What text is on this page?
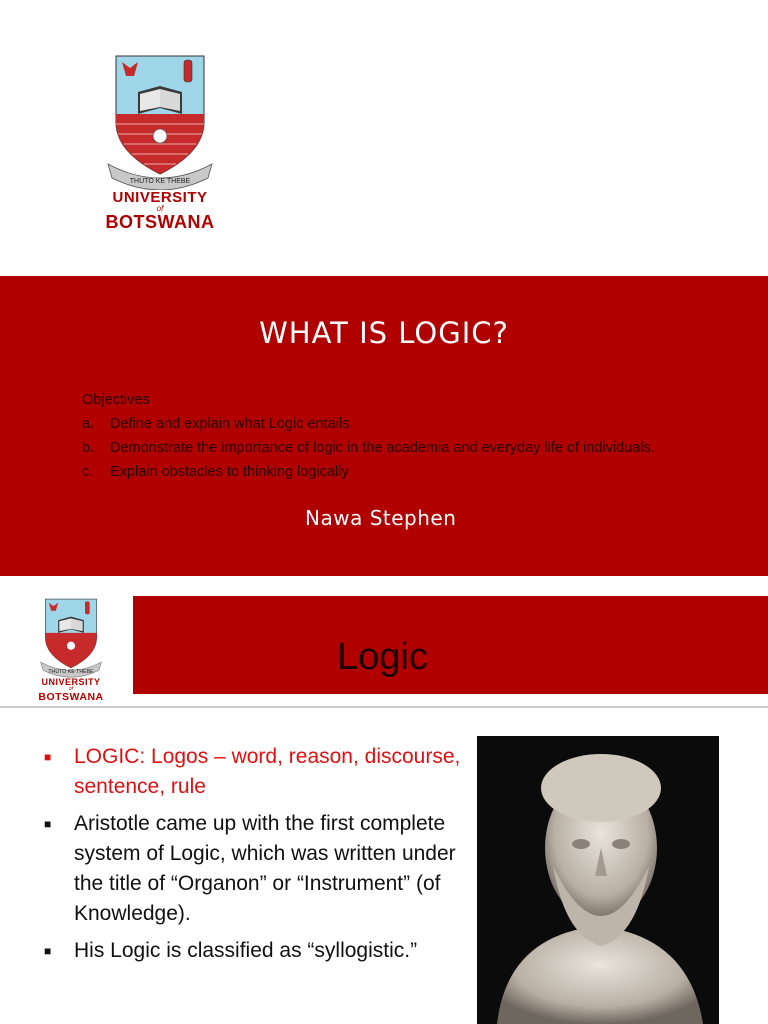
THUTO KE THEBE
UNIVERSITY
of
BOTSWANA
WHAT IS LOGIC?
Objectives
a.	Define and explain what Logic entails.
b.	Demonstrate the importance of logic in the academia and everyday life of individuals.
c.	Explain obstacles to thinking logically
Nawa Stephen
THUTO KE THEBE
UNIVERSITY
of
BOTSWANA
Logic
■	LOGIC: Logos – word, reason, discourse, sentence, rule
■	Aristotle came up with the first complete system of Logic, which was written under the title of “Organon” or “Instrument” (of Knowledge).
■	His Logic is classified as “syllogistic.”
